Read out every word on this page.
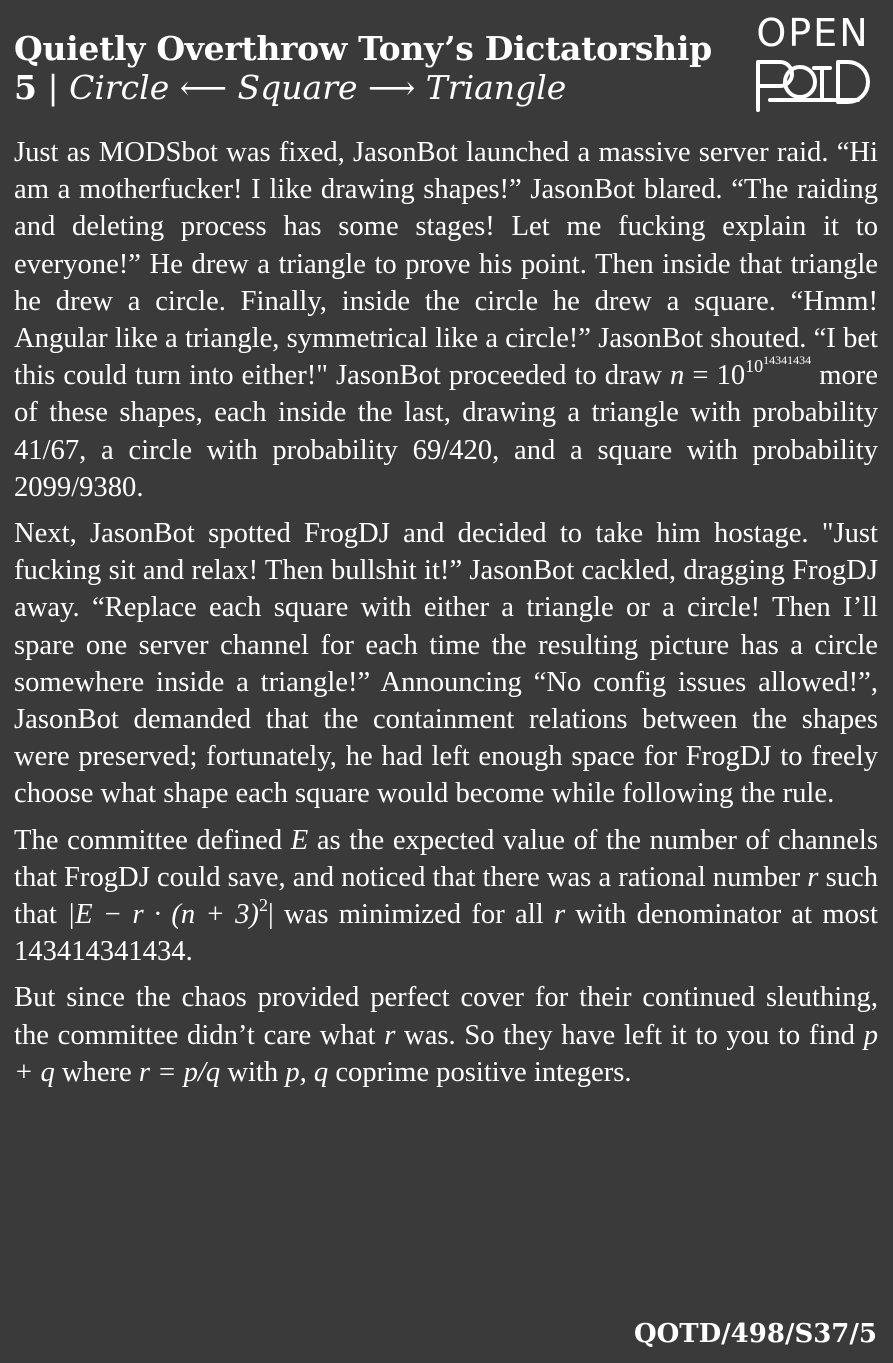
Quietly Overthrow Tony’s Dictatorship
5 | Circle ⟵ Square ⟶ Triangle
OPEN

Just as MODSbot was fixed, JasonBot launched a massive server raid. “Hi am a motherfucker! I like drawing shapes!” JasonBot blared. “The raiding and deleting process has some stages! Let me fucking explain it to everyone!” He drew a triangle to prove his point. Then inside that triangle he drew a circle. Finally, inside the circle he drew a square. “Hmm! Angular like a triangle, symmetrical like a circle!” JasonBot shouted. “I bet this could turn into either!" JasonBot proceeded to draw $n = 10^{10^{14341434}}$ more of these shapes, each inside the last, drawing a triangle with probability 41/67, a circle with probability 69/420, and a square with probability 2099/9380.

Next, JasonBot spotted FrogDJ and decided to take him hostage. "Just fucking sit and relax! Then bullshit it!” JasonBot cackled, dragging FrogDJ away. “Replace each square with either a triangle or a circle! Then I’ll spare one server channel for each time the resulting picture has a circle somewhere inside a triangle!” Announcing “No config issues allowed!”, JasonBot demanded that the containment relations between the shapes were preserved; fortunately, he had left enough space for FrogDJ to freely choose what shape each square would become while following the rule.

The committee defined E as the expected value of the number of channels that FrogDJ could save, and noticed that there was a rational number r such that $|E - r \cdot (n + 3)^2|$ was minimized for all r with denominator at most 143414341434.

But since the chaos provided perfect cover for their continued sleuthing, the committee didn’t care what r was. So they have left it to you to find p + q where r = p/q with p, q coprime positive integers.

QOTD/498/S37/5
